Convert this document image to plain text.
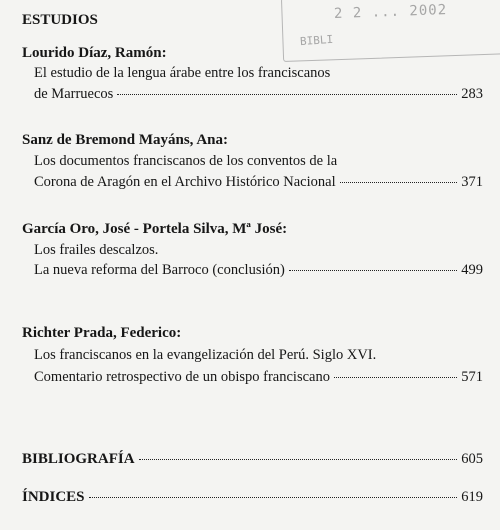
2 2 ... 2002
BIBLI
ESTUDIOS
Lourido Díaz, Ramón:
El estudio de la lengua árabe entre los franciscanos
de Marruecos	283
Sanz de Bremond Mayáns, Ana:
Los documentos franciscanos de los conventos de la
Corona de Aragón en el Archivo Histórico Nacional	371
García Oro, José - Portela Silva, Mª José:
Los frailes descalzos.
La nueva reforma del Barroco (conclusión)	499
Richter Prada, Federico:
Los franciscanos en la evangelización del Perú. Siglo XVI.
Comentario retrospectivo de un obispo franciscano	571
BIBLIOGRAFÍA	605
ÍNDICES	619
